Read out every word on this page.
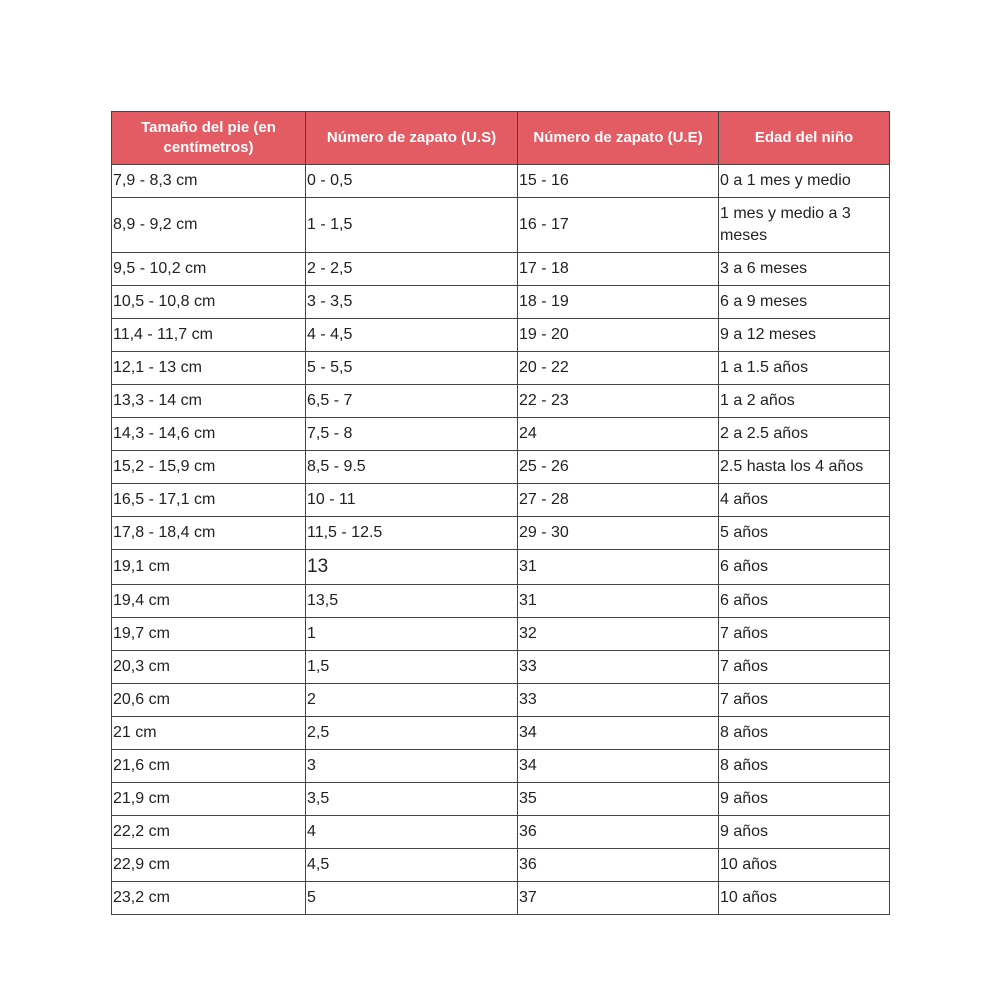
Tamaño del pie (en centímetros)	Número de zapato (U.S)	Número de zapato (U.E)	Edad del niño
7,9 - 8,3 cm	0 - 0,5	15 - 16	0 a 1 mes y medio
8,9 - 9,2 cm	1 - 1,5	16 - 17	1 mes y medio a 3 meses
9,5 - 10,2 cm	2 - 2,5	17 - 18	3 a 6 meses
10,5 - 10,8 cm	3 - 3,5	18 - 19	6 a 9 meses
11,4 - 11,7 cm	4 - 4,5	19 - 20	9 a 12 meses
12,1 - 13 cm	5 - 5,5	20 - 22	1 a 1.5 años
13,3 - 14 cm	6,5 - 7	22 - 23	1 a 2 años
14,3 - 14,6 cm	7,5 - 8	24	2 a 2.5 años
15,2 - 15,9 cm	8,5 - 9.5	25 - 26	2.5 hasta los 4 años
16,5 - 17,1 cm	10 - 11	27 - 28	4 años
17,8 - 18,4 cm	11,5 - 12.5	29 - 30	5 años
19,1 cm	13	31	6 años
19,4 cm	13,5	31	6 años
19,7 cm	1	32	7 años
20,3 cm	1,5	33	7 años
20,6 cm	2	33	7 años
21 cm	2,5	34	8 años
21,6 cm	3	34	8 años
21,9 cm	3,5	35	9 años
22,2 cm	4	36	9 años
22,9 cm	4,5	36	10 años
23,2 cm	5	37	10 años
